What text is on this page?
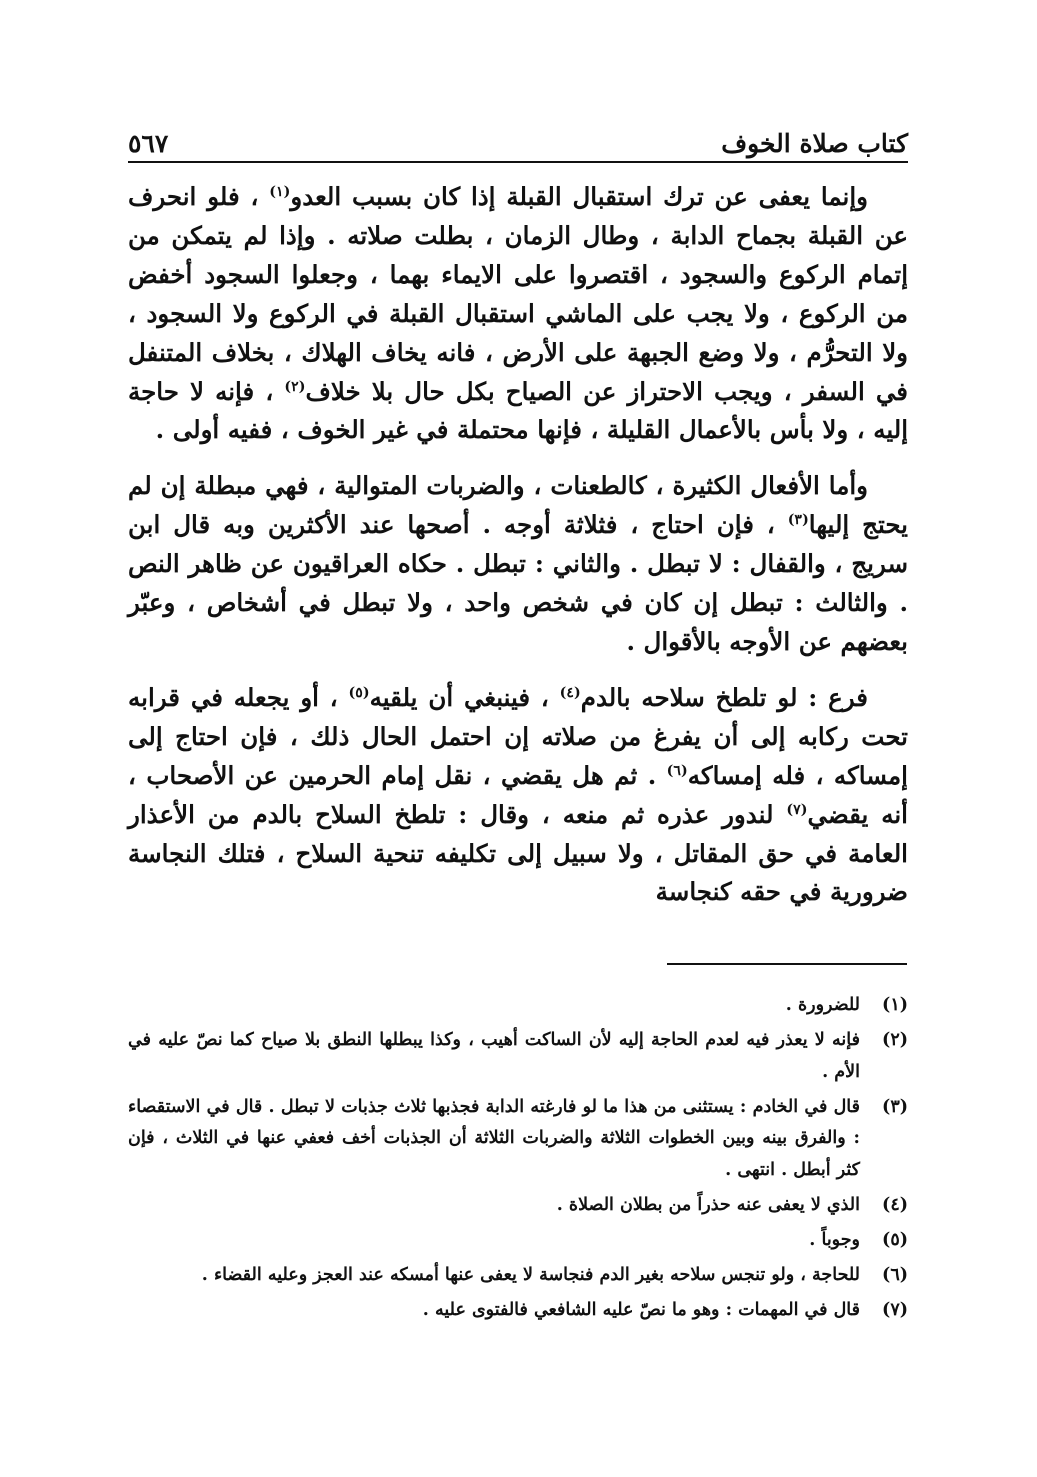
كتاب صلاة الخوف
٥٦٧

وإنما يعفى عن ترك استقبال القبلة إذا كان بسبب العدو$^{(١)}$ ، فلو انحرف عن القبلة بجماح الدابة ، وطال الزمان ، بطلت صلاته . وإذا لم يتمكن من إتمام الركوع والسجود ، اقتصروا على الايماء بهما ، وجعلوا السجود أخفض من الركوع ، ولا يجب على الماشي استقبال القبلة في الركوع ولا السجود ، ولا التحرُّم ، ولا وضع الجبهة على الأرض ، فانه يخاف الهلاك ، بخلاف المتنفل في السفر ، ويجب الاحتراز عن الصياح بكل حال بلا خلاف$^{(٢)}$ ، فإنه لا حاجة إليه ، ولا بأس بالأعمال القليلة ، فإنها محتملة في غير الخوف ، ففيه أولى .

وأما الأفعال الكثيرة ، كالطعنات ، والضربات المتوالية ، فهي مبطلة إن لم يحتج إليها$^{(٣)}$ ، فإن احتاج ، فثلاثة أوجه . أصحها عند الأكثرين وبه قال ابن سريج ، والقفال : لا تبطل . والثاني : تبطل . حكاه العراقيون عن ظاهر النص . والثالث : تبطل إن كان في شخص واحد ، ولا تبطل في أشخاص ، وعبّر بعضهم عن الأوجه بالأقوال .

فرع : لو تلطخ سلاحه بالدم$^{(٤)}$ ، فينبغي أن يلقيه$^{(٥)}$ ، أو يجعله في قرابه تحت ركابه إلى أن يفرغ من صلاته إن احتمل الحال ذلك ، فإن احتاج إلى إمساكه ، فله إمساكه$^{(٦)}$ . ثم هل يقضي ، نقل إمام الحرمين عن الأصحاب ، أنه يقضي$^{(٧)}$ لندور عذره ثم منعه ، وقال : تلطخ السلاح بالدم من الأعذار العامة في حق المقاتل ، ولا سبيل إلى تكليفه تنحية السلاح ، فتلك النجاسة ضرورية في حقه كنجاسة

(١)
للضرورة .
(٢)
فإنه لا يعذر فيه لعدم الحاجة إليه لأن الساكت أهيب ، وكذا يبطلها النطق بلا صياح كما نصّ عليه في الأم .
(٣)
قال في الخادم : يستثنى من هذا ما لو فارغته الدابة فجذبها ثلاث جذبات لا تبطل . قال في الاستقصاء : والفرق بينه وبين الخطوات الثلاثة والضربات الثلاثة أن الجذبات أخف فعفي عنها في الثلاث ، فإن كثر أبطل . انتهى .
(٤)
الذي لا يعفى عنه حذراً من بطلان الصلاة .
(٥)
وجوباً .
(٦)
للحاجة ، ولو تنجس سلاحه بغير الدم فنجاسة لا يعفى عنها أمسكه عند العجز وعليه القضاء .
(٧)
قال في المهمات : وهو ما نصّ عليه الشافعي فالفتوى عليه .
